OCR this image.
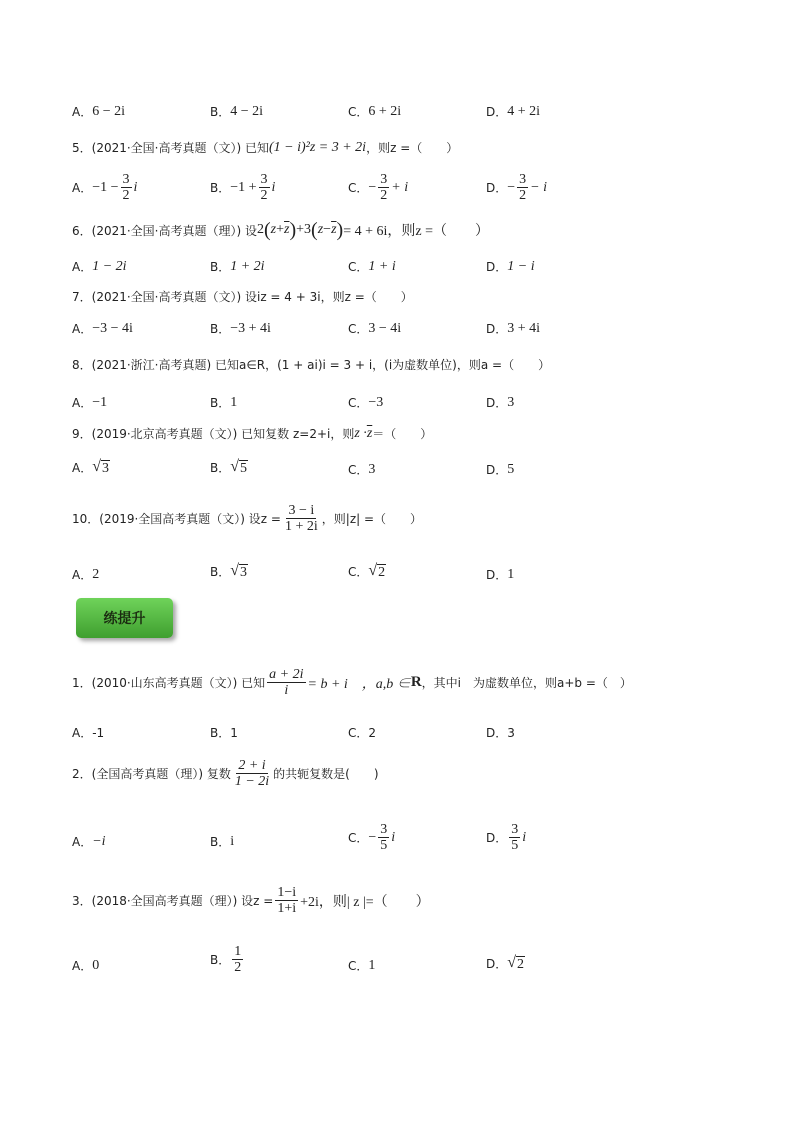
A． 6 − 2i	B． 4 − 2i	C． 6 + 2i	D． 4 + 2i
5．(2021·全国·高考真题（文）) 已知 (1 − i)²z = 3 + 2i ，则z =（　　）
A． $-1 - \frac{3}{2}$ i	B． $-1 + \frac{3}{2}$ i	C． − $\frac{3}{2} + i$	D． − $\frac{3}{2} - i$
6．(2021·全国·高考真题（理）) 设 2 ( $z + \overline{z}$ ) + 3 ( $z - \overline{z}$ ) = 4 + 6i，则z =（　　）
A． 1 − 2i	B． 1 + 2i	C． 1 + i	D． 1 − i
7．(2021·全国·高考真题（文）) 设iz = 4 + 3i，则z =（　　）
A． −3 − 4i	B． −3 + 4i	C． 3 − 4i	D． 3 + 4i
8．(2021·浙江·高考真题) 已知a∈R，(1 + ai)i = 3 + i，(i为虚数单位)，则a =（　　）
A． −1	B． 1	C． −3	D． 3
9．(2019·北京高考真题（文）) 已知复数 z=2+i，则 $z \cdot \overline{z}$ ＝（　　）
A． √ 3	B． √ 5	C． 3	D． 5
10．(2019·全国高考真题（文）) 设$z = \frac{3 - i}{1 + 2i}$ ，则|z| =（　　）
A． 2	B． √ 3	C． √ 2	D． 1
练提升
1．(2010·山东高考真题（文）) 已知 $\frac{a + 2i}{i} = b + i$　，a,b ∈ R ，其中i　为虚数单位，则a+b =（　）
A． -1	B． 1	C． 2	D． 3
2．(全国高考真题（理）) 复数 $\frac{2 + i}{1 - 2i}$ 的共轭复数是(　　)
A． −i	B． i	C． − $\frac{3}{5}$ i	D． $\frac{3}{5}$ i
3．(2018·全国高考真题（理）) 设$z = \frac{1-i}{1+i} +2i$，则| z |=（　　）
A． 0	B． $\frac{1}{2}$	C． 1	D． √ 2
